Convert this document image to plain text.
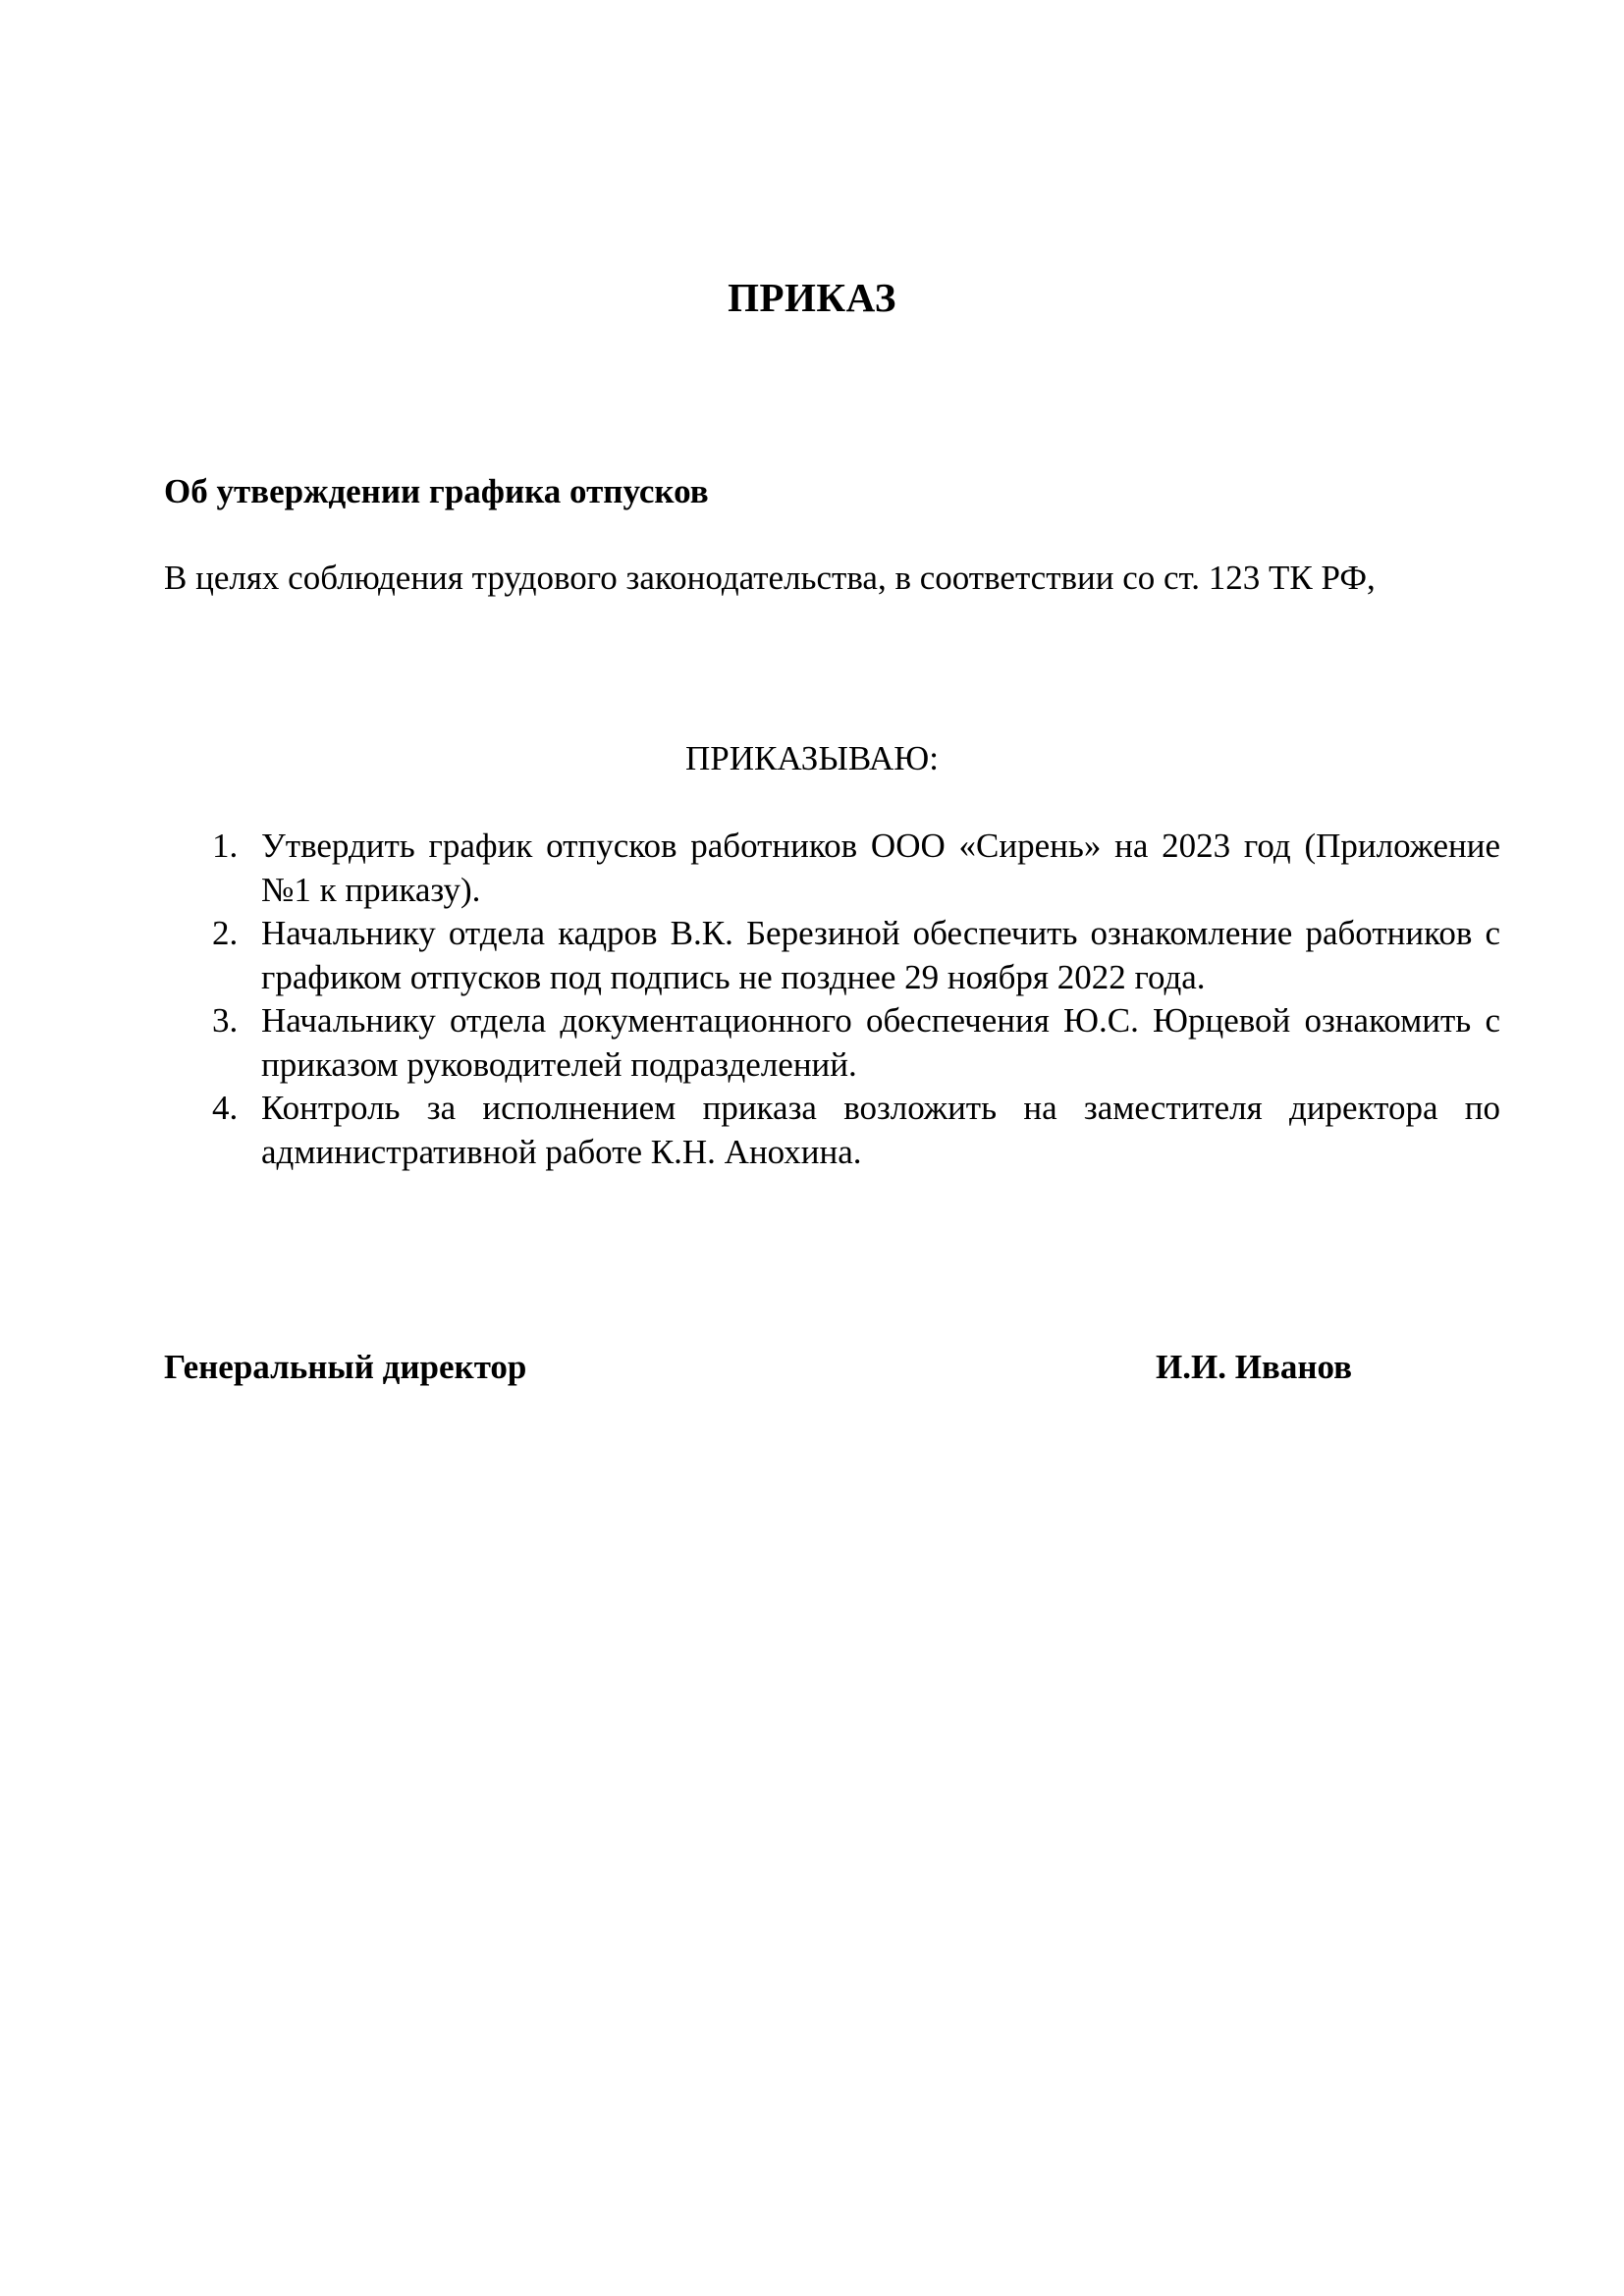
ПРИКАЗ

Об утверждении графика отпусков

В целях соблюдения трудового законодательства, в соответствии со ст. 123 ТК РФ,

ПРИКАЗЫВАЮ:

1. Утвердить график отпусков работников ООО «Сирень» на 2023 год (Приложение №1 к приказу).
2. Начальнику отдела кадров В.К. Березиной обеспечить ознакомление работников с графиком отпусков под подпись не позднее 29 ноября 2022 года.
3. Начальнику отдела документационного обеспечения Ю.С. Юрцевой ознакомить с приказом руководителей подразделений.
4. Контроль за исполнением приказа возложить на заместителя директора по административной работе К.Н. Анохина.

Генеральный директор	И.И. Иванов
